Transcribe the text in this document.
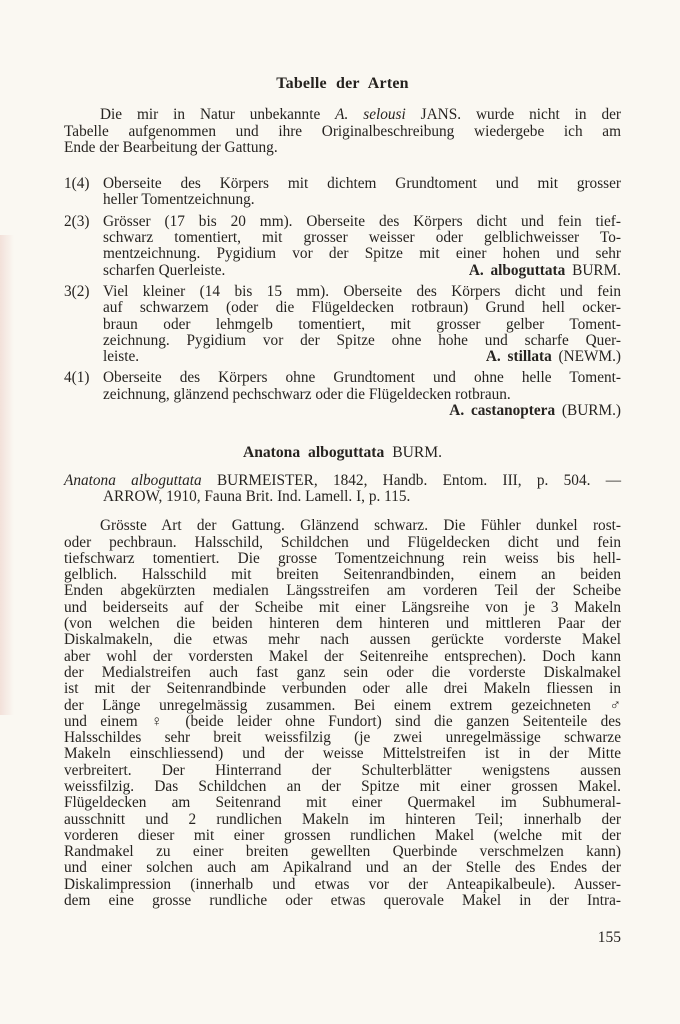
Tabelle der Arten
Die mir in Natur unbekannte A. selousi JANS. wurde nicht in der
Tabelle aufgenommen und ihre Originalbeschreibung wiedergebe ich am
Ende der Bearbeitung der Gattung.
1(4) Oberseite des Körpers mit dichtem Grundtoment und mit grosser
heller Tomentzeichnung.
2(3) Grösser (17 bis 20 mm). Oberseite des Körpers dicht und fein tief-
schwarz tomentiert, mit grosser weisser oder gelblichweisser To-
mentzeichnung. Pygidium vor der Spitze mit einer hohen und sehr
scharfen Querleiste.	A. alboguttata BURM.
3(2) Viel kleiner (14 bis 15 mm). Oberseite des Körpers dicht und fein
auf schwarzem (oder die Flügeldecken rotbraun) Grund hell ocker-
braun oder lehmgelb tomentiert, mit grosser gelber Toment-
zeichnung. Pygidium vor der Spitze ohne hohe und scharfe Quer-
leiste.	A. stillata (NEWM.)
4(1) Oberseite des Körpers ohne Grundtoment und ohne helle Toment-
zeichnung, glänzend pechschwarz oder die Flügeldecken rotbraun.
A. castanoptera (BURM.)
Anatona alboguttata BURM.
Anatona alboguttata BURMEISTER, 1842, Handb. Entom. III, p. 504. —
ARROW, 1910, Fauna Brit. Ind. Lamell. I, p. 115.
Grösste Art der Gattung. Glänzend schwarz. Die Fühler dunkel rost-
oder pechbraun. Halsschild, Schildchen und Flügeldecken dicht und fein
tiefschwarz tomentiert. Die grosse Tomentzeichnung rein weiss bis hell-
gelblich. Halsschild mit breiten Seitenrandbinden, einem an beiden
Enden abgekürzten medialen Längsstreifen am vorderen Teil der Scheibe
und beiderseits auf der Scheibe mit einer Längsreihe von je 3 Makeln
(von welchen die beiden hinteren dem hinteren und mittleren Paar der
Diskalmakeln, die etwas mehr nach aussen gerückte vorderste Makel
aber wohl der vordersten Makel der Seitenreihe entsprechen). Doch kann
der Medialstreifen auch fast ganz sein oder die vorderste Diskalmakel
ist mit der Seitenrandbinde verbunden oder alle drei Makeln fliessen in
der Länge unregelmässig zusammen. Bei einem extrem gezeichneten ♂
und einem ♀ (beide leider ohne Fundort) sind die ganzen Seitenteile des
Halsschildes sehr breit weissfilzig (je zwei unregelmässige schwarze
Makeln einschliessend) und der weisse Mittelstreifen ist in der Mitte
verbreitert. Der Hinterrand der Schulterblätter wenigstens aussen
weissfilzig. Das Schildchen an der Spitze mit einer grossen Makel.
Flügeldecken am Seitenrand mit einer Quermakel im Subhumeral-
ausschnitt und 2 rundlichen Makeln im hinteren Teil; innerhalb der
vorderen dieser mit einer grossen rundlichen Makel (welche mit der
Randmakel zu einer breiten gewellten Querbinde verschmelzen kann)
und einer solchen auch am Apikalrand und an der Stelle des Endes der
Diskalimpression (innerhalb und etwas vor der Anteapikalbeule). Ausser-
dem eine grosse rundliche oder etwas querovale Makel in der Intra-
155
